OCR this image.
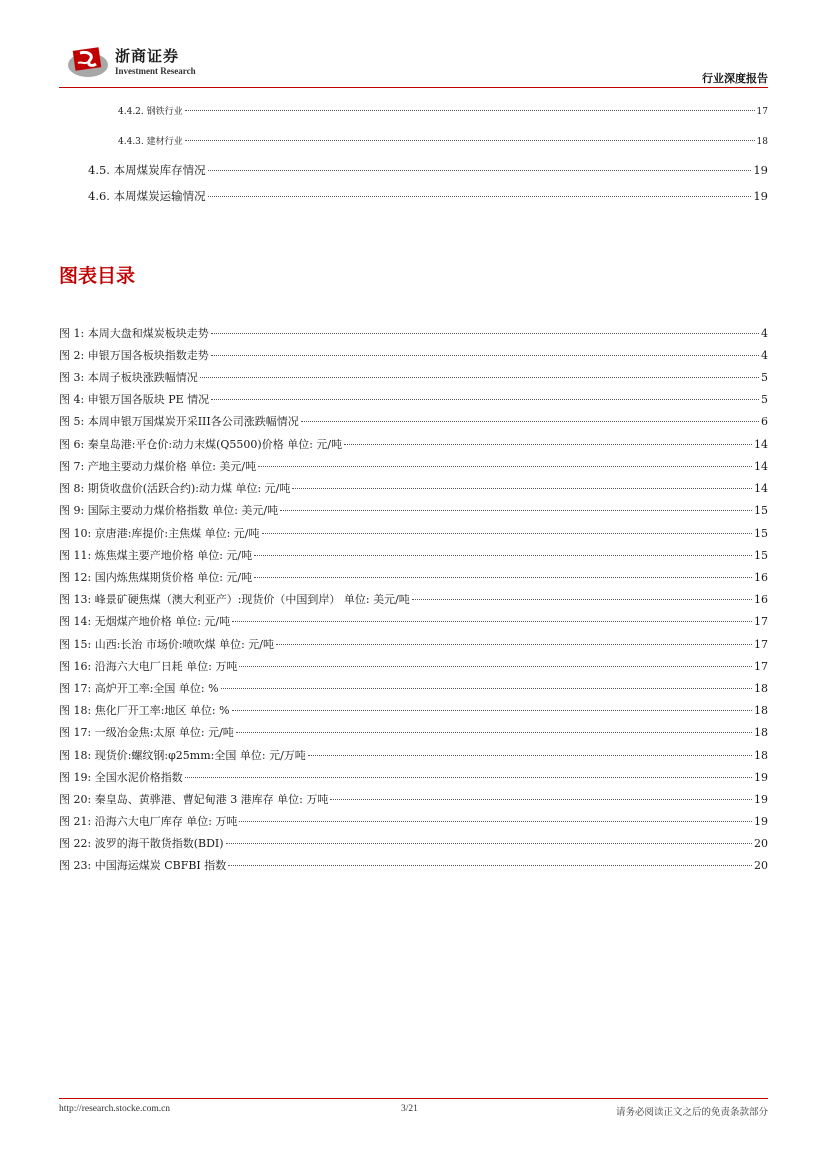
浙商证券
Investment Research
行业深度报告
4.4.2. 钢铁行业	17
4.4.3. 建材行业	18
4.5. 本周煤炭库存情况	19
4.6. 本周煤炭运输情况	19
图表目录
图 1: 本周大盘和煤炭板块走势	4
图 2: 申银万国各板块指数走势	4
图 3: 本周子板块涨跌幅情况	5
图 4: 申银万国各版块 PE 情况	5
图 5: 本周申银万国煤炭开采III各公司涨跌幅情况	6
图 6: 秦皇岛港:平仓价:动力末煤(Q5500)价格 单位: 元/吨	14
图 7: 产地主要动力煤价格 单位: 美元/吨	14
图 8: 期货收盘价(活跃合约):动力煤 单位: 元/吨	14
图 9: 国际主要动力煤价格指数 单位: 美元/吨	15
图 10: 京唐港:库提价:主焦煤 单位: 元/吨	15
图 11: 炼焦煤主要产地价格 单位: 元/吨	15
图 12: 国内炼焦煤期货价格 单位: 元/吨	16
图 13: 峰景矿硬焦煤（澳大利亚产）:现货价（中国到岸） 单位: 美元/吨	16
图 14: 无烟煤产地价格 单位: 元/吨	17
图 15: 山西:长治 市场价:喷吹煤 单位: 元/吨	17
图 16: 沿海六大电厂日耗 单位: 万吨	17
图 17: 高炉开工率:全国 单位: %	18
图 18: 焦化厂开工率:地区 单位: %	18
图 17: 一级冶金焦:太原 单位: 元/吨	18
图 18: 现货价:螺纹钢:φ25mm:全国 单位: 元/万吨	18
图 19: 全国水泥价格指数	19
图 20: 秦皇岛、黄骅港、曹妃甸港 3 港库存 单位: 万吨	19
图 21: 沿海六大电厂库存 单位: 万吨	19
图 22: 波罗的海干散货指数(BDI)	20
图 23: 中国海运煤炭 CBFBI 指数	20
http://research.stocke.com.cn	3/21	请务必阅读正文之后的免责条款部分
